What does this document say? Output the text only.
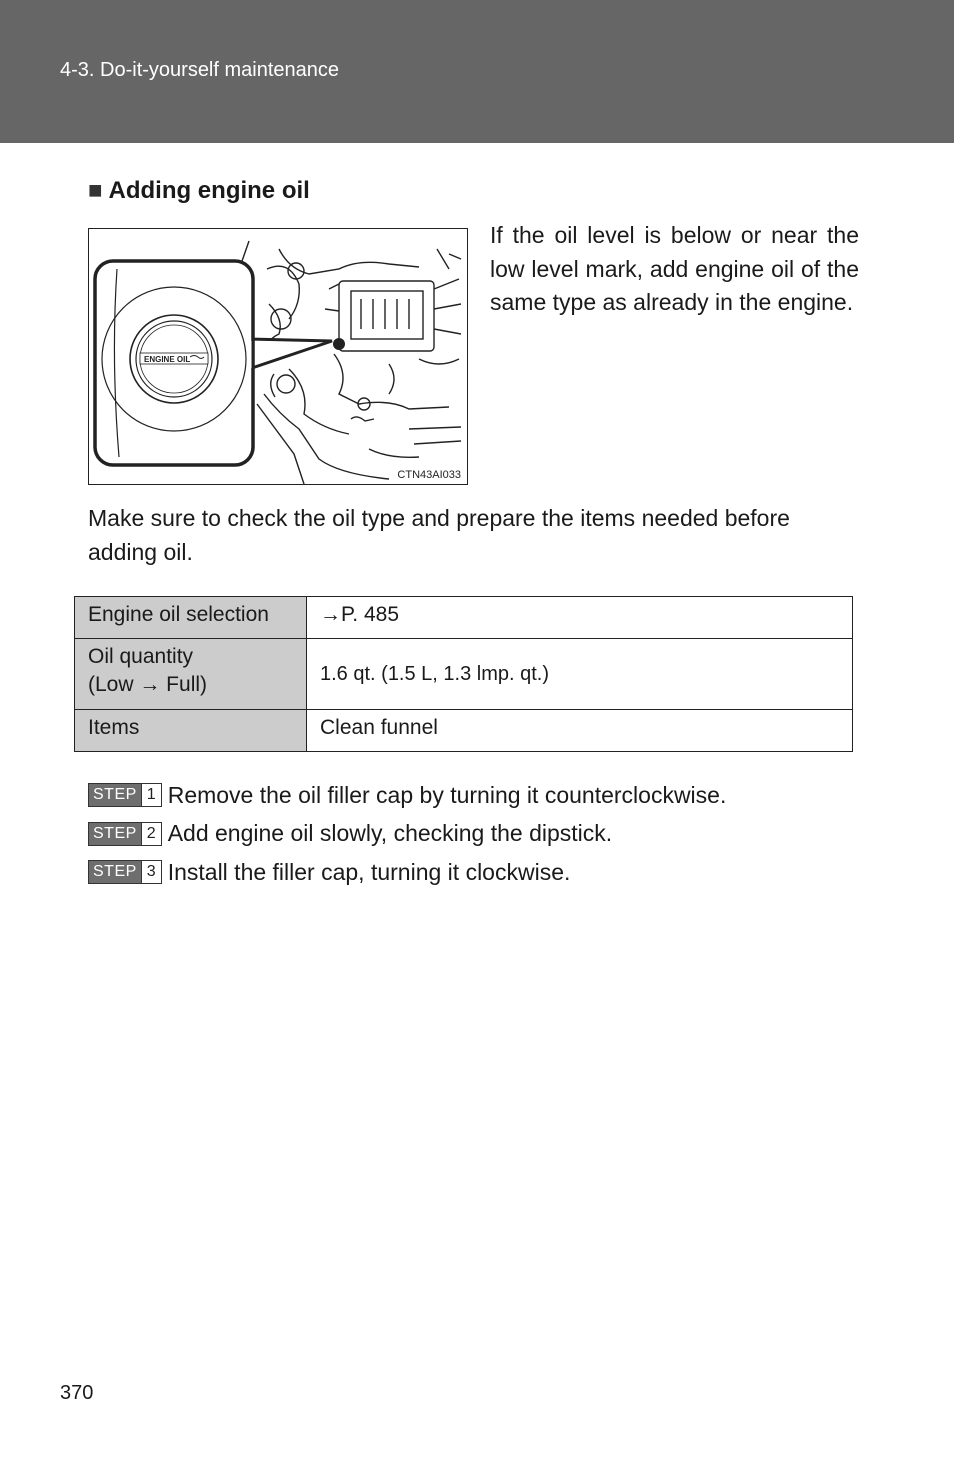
4-3. Do-it-yourself maintenance
■ Adding engine oil
ENGINE OIL
CTN43AI033
If the oil level is below or near the low level mark, add engine oil of the same type as already in the engine.
Make sure to check the oil type and prepare the items needed before adding oil.
Engine oil selection	→P. 485
Oil quantity
(Low → Full)	1.6 qt. (1.5 L, 1.3 lmp. qt.)
Items	Clean funnel
STEP 1 Remove the oil filler cap by turning it counterclockwise.
STEP 2 Add engine oil slowly, checking the dipstick.
STEP 3 Install the filler cap, turning it clockwise.
370
